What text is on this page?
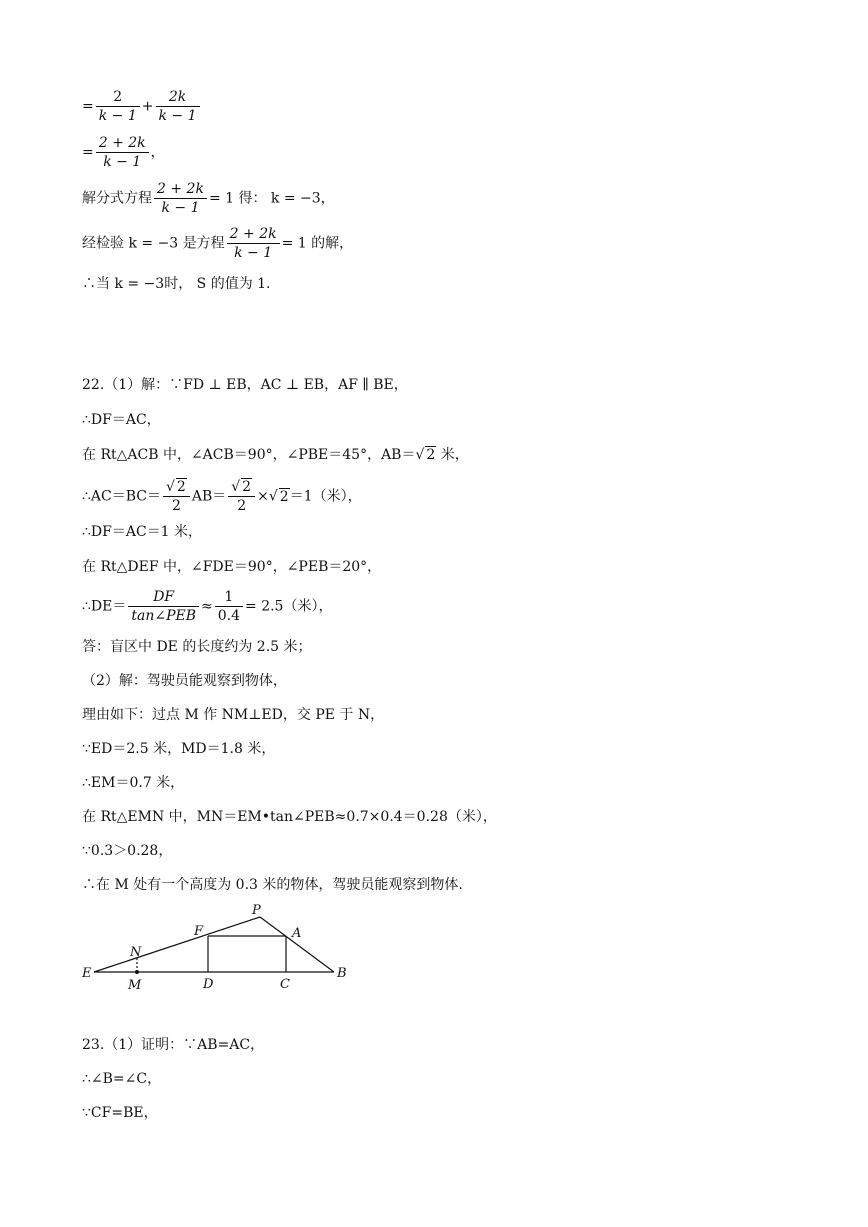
= $\frac{2}{k - 1} + \frac{2k}{k - 1}$
= $\frac{2 + 2k}{k - 1}$ ，
解分式方程 $\frac{2 + 2k}{k - 1} = 1$ 得： k = −3，
经检验 k = −3 是方程 $\frac{2 + 2k}{k - 1} = 1$ 的解，
∴当 k = −3时， S 的值为 1.
22.（1）解：∵FD ⊥ EB，AC ⊥ EB，AF ∥ BE，
∴DF＝AC，
在 Rt△ACB 中，∠ACB＝90°，∠PBE＝45°，AB＝√ 2 米，
∴AC＝BC＝ $\frac{√ 2}{2} AB= \frac{√ 2}{2}$ ×√ 2＝1（米），
∴DF＝AC＝1 米，
在 Rt△DEF 中，∠FDE＝90°，∠PEB＝20°，
∴DE＝ $\frac{DF}{\text{tan∠PEB}} \approx \frac{1}{0.4} = 2.5$（米），
答：盲区中 DE 的长度约为 2.5 米；
（2）解：驾驶员能观察到物体，
理由如下：过点 M 作 NM⊥ED，交 PE 于 N，
∵ED＝2.5 米，MD＝1.8 米，
∴EM＝0.7 米，
在 Rt△EMN 中，MN＝EM•tan∠PEB≈0.7×0.4＝0.28（米），
∵0.3＞0.28，
∴在 M 处有一个高度为 0.3 米的物体，驾驶员能观察到物体.
P
F	A
N
E	B
M	D	C
23.（1）证明：∵AB=AC，
∴∠B=∠C，
∵CF=BE，
